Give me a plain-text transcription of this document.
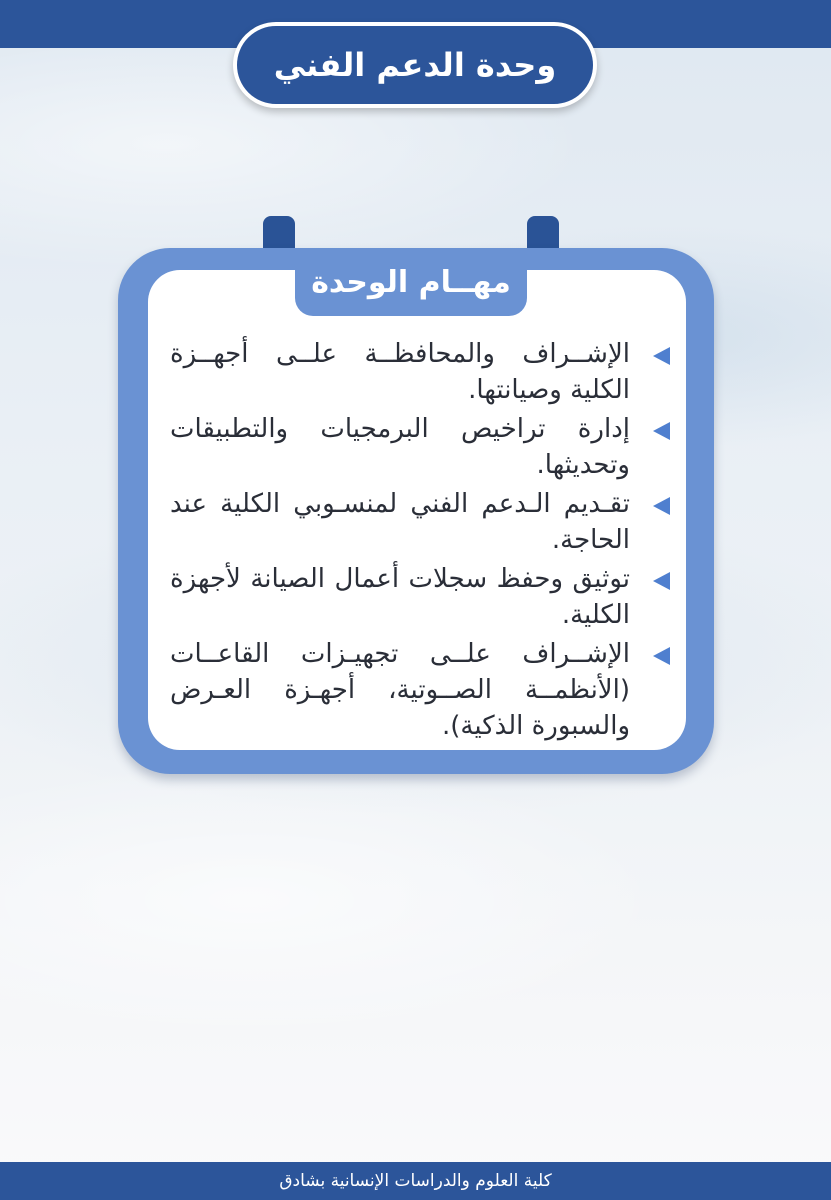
وحدة الدعم الفني
مهــام الوحدة
الإشــراف والمحافظــة علــى أجهــزة الكلية وصيانتها.
إدارة تراخيص البرمجيات والتطبيقات وتحديثها.
تقـديم الـدعم الفني لمنسـوبي الكلية عند الحاجة.
توثيق وحفظ سجلات أعمال الصيانة لأجهزة الكلية.
الإشــراف علــى تجهيـزات القاعــات (الأنظمــة الصــوتية، أجهـزة العـرض والسبورة الذكية).
كلية العلوم والدراسات الإنسانية بشادق
